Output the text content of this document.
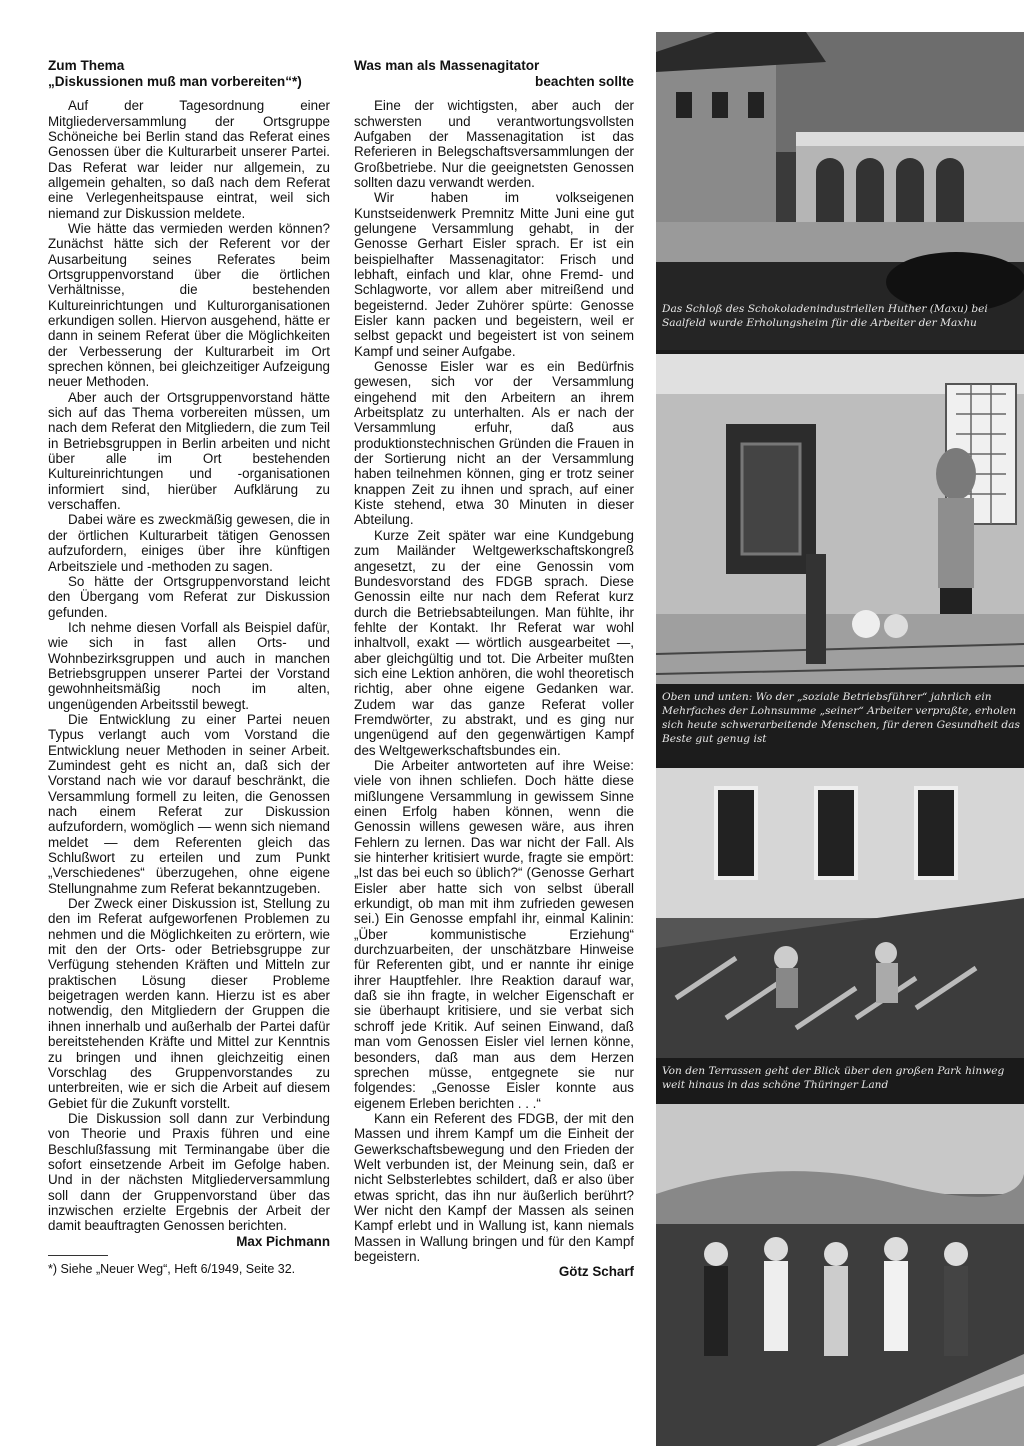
Zum Thema
„Diskussionen muß man vorbereiten“*)

Auf der Tagesordnung einer Mitgliederversammlung der Ortsgruppe Schöneiche bei Berlin stand das Referat eines Genossen über die Kulturarbeit unserer Partei. Das Referat war leider nur allgemein, zu allgemein gehalten, so daß nach dem Referat eine Verlegenheitspause eintrat, weil sich niemand zur Diskussion meldete.

Wie hätte das vermieden werden können? Zunächst hätte sich der Referent vor der Ausarbeitung seines Referates beim Ortsgruppenvorstand über die örtlichen Verhältnisse, die bestehenden Kultureinrichtungen und Kulturorganisationen erkundigen sollen. Hiervon ausgehend, hätte er dann in seinem Referat über die Möglichkeiten der Verbesserung der Kulturarbeit im Ort sprechen können, bei gleichzeitiger Aufzeigung neuer Methoden.

Aber auch der Ortsgruppenvorstand hätte sich auf das Thema vorbereiten müssen, um nach dem Referat den Mitgliedern, die zum Teil in Betriebsgruppen in Berlin arbeiten und nicht über alle im Ort bestehenden Kultureinrichtungen und -organisationen informiert sind, hierüber Aufklärung zu verschaffen.

Dabei wäre es zweckmäßig gewesen, die in der örtlichen Kulturarbeit tätigen Genossen aufzufordern, einiges über ihre künftigen Arbeitsziele und -methoden zu sagen.

So hätte der Ortsgruppenvorstand leicht den Übergang vom Referat zur Diskussion gefunden.

Ich nehme diesen Vorfall als Beispiel dafür, wie sich in fast allen Orts- und Wohnbezirksgruppen und auch in manchen Betriebsgruppen unserer Partei der Vorstand gewohnheitsmäßig noch im alten, ungenügenden Arbeitsstil bewegt.

Die Entwicklung zu einer Partei neuen Typus verlangt auch vom Vorstand die Entwicklung neuer Methoden in seiner Arbeit. Zumindest geht es nicht an, daß sich der Vorstand nach wie vor darauf beschränkt, die Versammlung formell zu leiten, die Genossen nach einem Referat zur Diskussion aufzufordern, womöglich — wenn sich niemand meldet — dem Referenten gleich das Schlußwort zu erteilen und zum Punkt „Verschiedenes“ überzugehen, ohne eigene Stellungnahme zum Referat bekanntzugeben.

Der Zweck einer Diskussion ist, Stellung zu den im Referat aufgeworfenen Problemen zu nehmen und die Möglichkeiten zu erörtern, wie mit den der Orts- oder Betriebsgruppe zur Verfügung stehenden Kräften und Mitteln zur praktischen Lösung dieser Probleme beigetragen werden kann. Hierzu ist es aber notwendig, den Mitgliedern der Gruppen die ihnen innerhalb und außerhalb der Partei dafür bereitstehenden Kräfte und Mittel zur Kenntnis zu bringen und ihnen gleichzeitig einen Vorschlag des Gruppenvorstandes zu unterbreiten, wie er sich die Arbeit auf diesem Gebiet für die Zukunft vorstellt.

Die Diskussion soll dann zur Verbindung von Theorie und Praxis führen und eine Beschlußfassung mit Terminangabe über die sofort einsetzende Arbeit im Gefolge haben. Und in der nächsten Mitgliederversammlung soll dann der Gruppenvorstand über das inzwischen erzielte Ergebnis der Arbeit der damit beauftragten Genossen berichten.

Max Pichmann
*) Siehe „Neuer Weg“, Heft 6/1949, Seite 32.
Was man als Massenagitator
beachten sollte

Eine der wichtigsten, aber auch der schwersten und verantwortungsvollsten Aufgaben der Massenagitation ist das Referieren in Belegschaftsversammlungen der Großbetriebe. Nur die geeignetsten Genossen sollten dazu verwandt werden.

Wir haben im volkseigenen Kunstseidenwerk Premnitz Mitte Juni eine gut gelungene Versammlung gehabt, in der Genosse Gerhart Eisler sprach. Er ist ein beispielhafter Massenagitator: Frisch und lebhaft, einfach und klar, ohne Fremd- und Schlagworte, vor allem aber mitreißend und begeisternd. Jeder Zuhörer spürte: Genosse Eisler kann packen und begeistern, weil er selbst gepackt und begeistert ist von seinem Kampf und seiner Aufgabe.

Genosse Eisler war es ein Bedürfnis gewesen, sich vor der Versammlung eingehend mit den Arbeitern an ihrem Arbeitsplatz zu unterhalten. Als er nach der Versammlung erfuhr, daß aus produktionstechnischen Gründen die Frauen in der Sortierung nicht an der Versammlung haben teilnehmen können, ging er trotz seiner knappen Zeit zu ihnen und sprach, auf einer Kiste stehend, etwa 30 Minuten in dieser Abteilung.

Kurze Zeit später war eine Kundgebung zum Mailänder Weltgewerkschaftskongreß angesetzt, zu der eine Genossin vom Bundesvorstand des FDGB sprach. Diese Genossin eilte nur nach dem Referat kurz durch die Betriebsabteilungen. Man fühlte, ihr fehlte der Kontakt. Ihr Referat war wohl inhaltvoll, exakt — wörtlich ausgearbeitet —, aber gleichgültig und tot. Die Arbeiter mußten sich eine Lektion anhören, die wohl theoretisch richtig, aber ohne eigene Gedanken war. Zudem war das ganze Referat voller Fremdwörter, zu abstrakt, und es ging nur ungenügend auf den gegenwärtigen Kampf des Weltgewerkschaftsbundes ein.

Die Arbeiter antworteten auf ihre Weise: viele von ihnen schliefen. Doch hätte diese mißlungene Versammlung in gewissem Sinne einen Erfolg haben können, wenn die Genossin willens gewesen wäre, aus ihren Fehlern zu lernen. Das war nicht der Fall. Als sie hinterher kritisiert wurde, fragte sie empört: „Ist das bei euch so üblich?“ (Genosse Gerhart Eisler aber hatte sich von selbst überall erkundigt, ob man mit ihm zufrieden gewesen sei.) Ein Genosse empfahl ihr, einmal Kalinin: „Über kommunistische Erziehung“ durchzuarbeiten, der unschätzbare Hinweise für Referenten gibt, und er nannte ihr einige ihrer Hauptfehler. Ihre Reaktion darauf war, daß sie ihn fragte, in welcher Eigenschaft er sie überhaupt kritisiere, und sie verbat sich schroff jede Kritik. Auf seinen Einwand, daß man vom Genossen Eisler viel lernen könne, besonders, daß man aus dem Herzen sprechen müsse, entgegnete sie nur folgendes: „Genosse Eisler konnte aus eigenem Erleben berichten . . .“

Kann ein Referent des FDGB, der mit den Massen und ihrem Kampf um die Einheit der Gewerkschaftsbewegung und den Frieden der Welt verbunden ist, der Meinung sein, daß er nicht Selbsterlebtes schildert, daß er also über etwas spricht, das ihn nur äußerlich berührt? Wer nicht den Kampf der Massen als seinen Kampf erlebt und in Wallung ist, kann niemals Massen in Wallung bringen und für den Kampf begeistern.

Götz Scharf
Das Schloß des Schokoladenindustriellen Huther (Maxu) bei Saalfeld wurde Erholungsheim für die Arbeiter der Maxhu
Oben und unten: Wo der „soziale Betriebsführer“ jahrlich ein Mehrfaches der Lohnsumme „seiner“ Arbeiter verpraßte, erholen sich heute schwerarbeitende Menschen, für deren Gesundheit das Beste gut genug ist
Von den Terrassen geht der Blick über den großen Park hinweg weit hinaus in das schöne Thüringer Land
